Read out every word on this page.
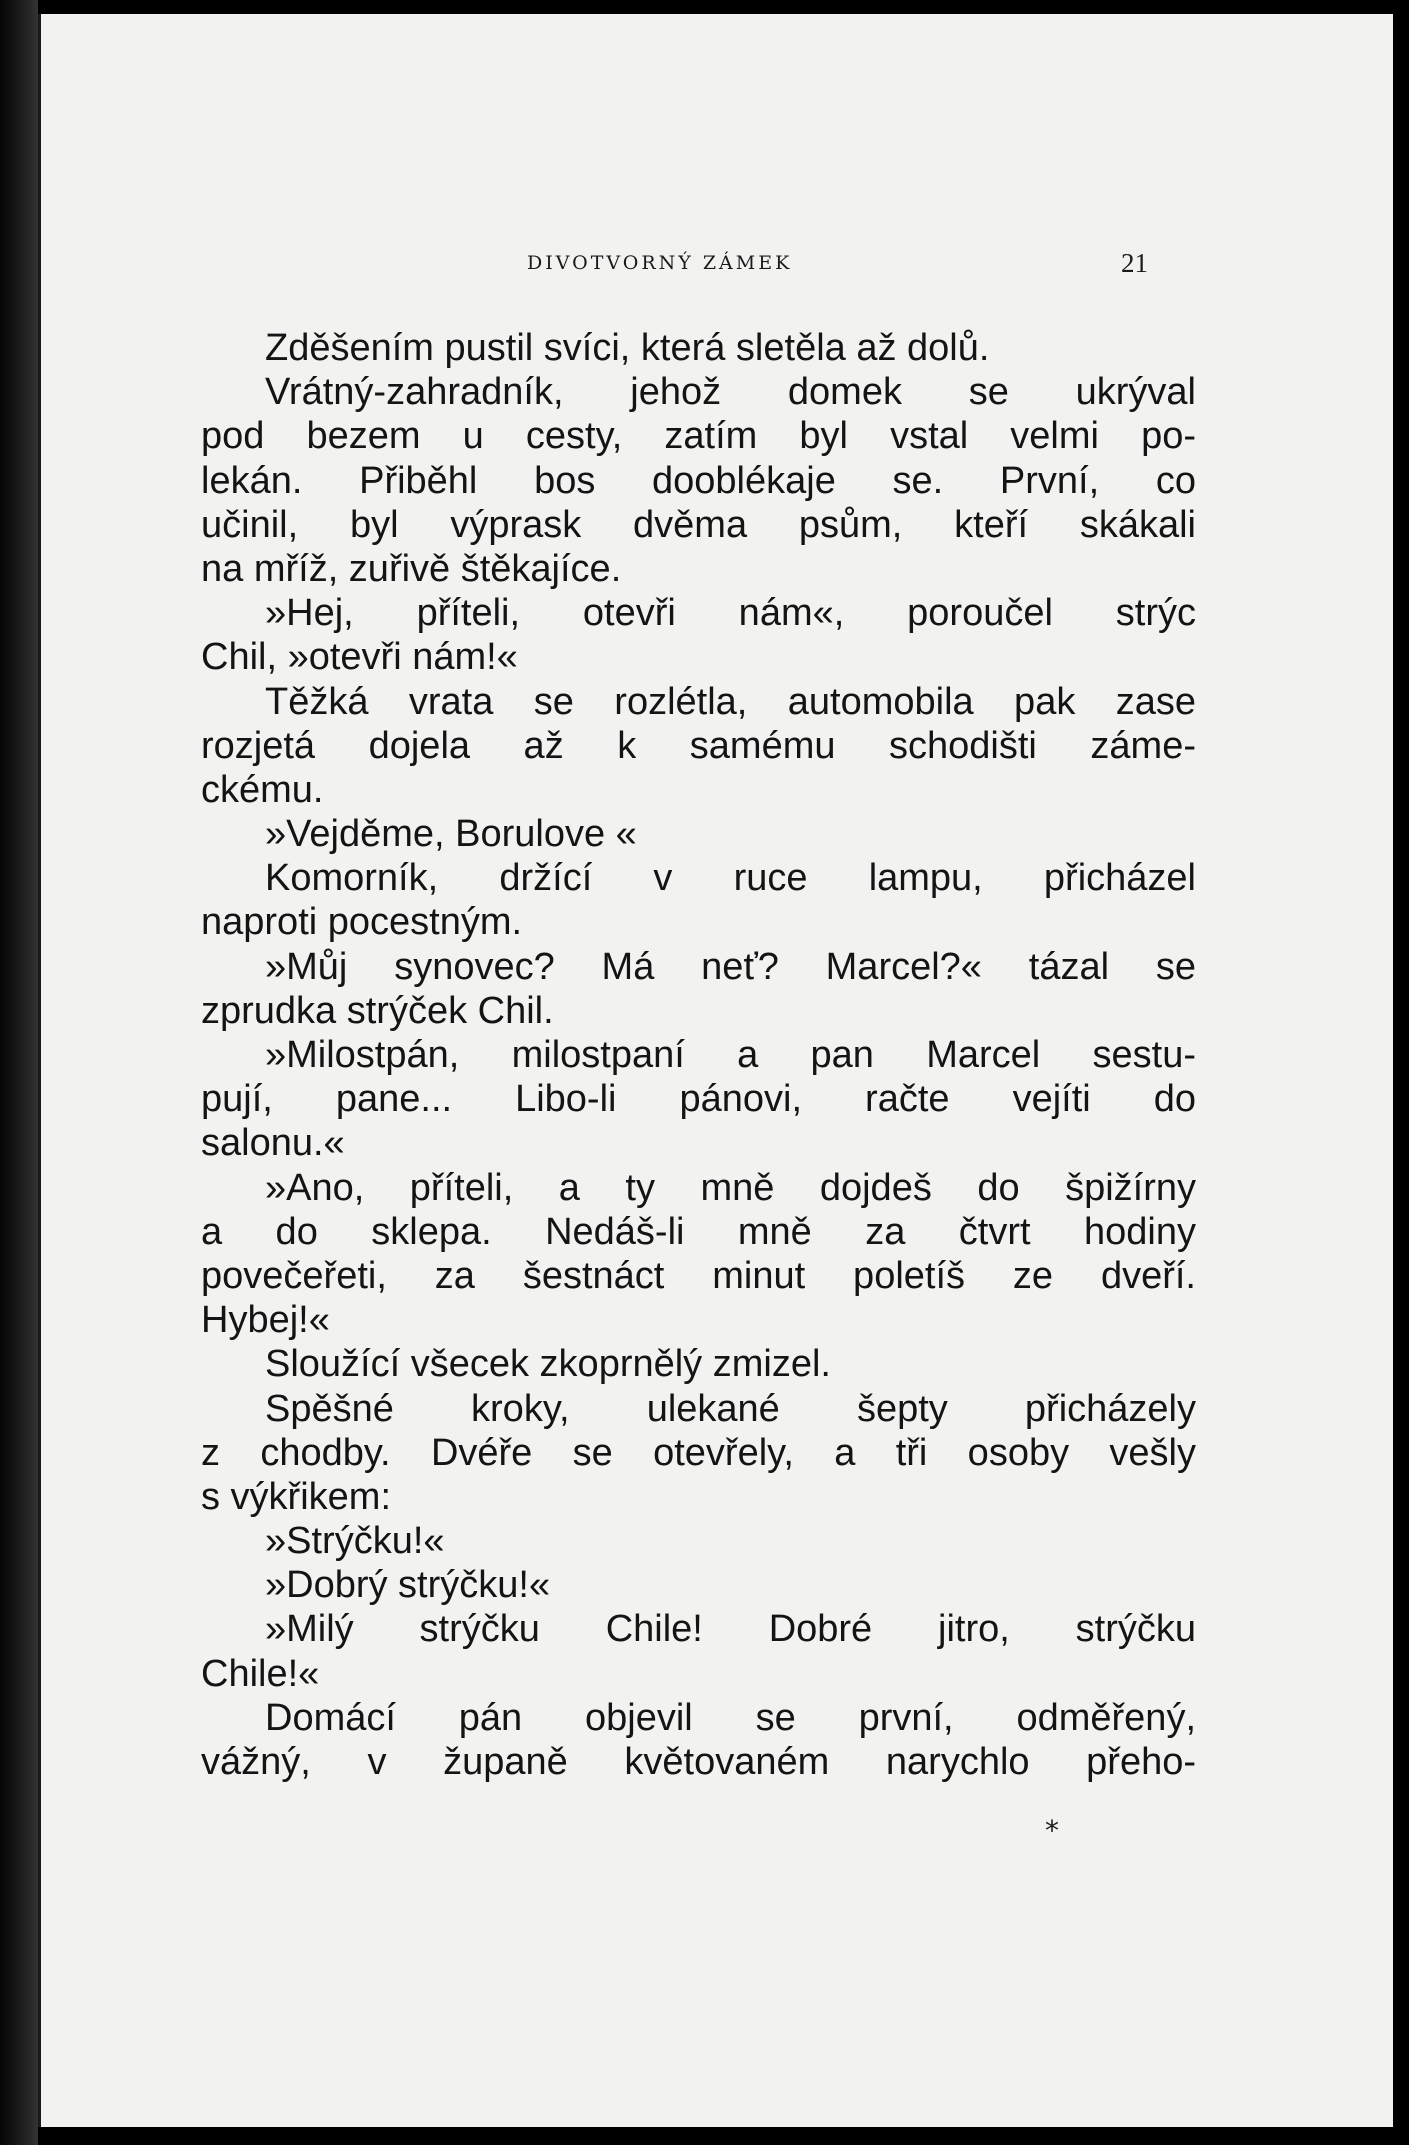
DIVOTVORNÝ ZÁMEK	21
Zděšením pustil svíci, která sletěla až dolů.
Vrátný-zahradník, jehož domek se ukrýval
pod bezem u cesty, zatím byl vstal velmi po-
lekán. Přiběhl bos dooblékaje se. První, co
učinil, byl výprask dvěma psům, kteří skákali
na mříž, zuřivě štěkajíce.
»Hej, příteli, otevři nám«, poroučel strýc
Chil, »otevři nám!«
Těžká vrata se rozlétla, automobila pak zase
rozjetá dojela až k samému schodišti záme-
ckému.
»Vejděme, Borulove «
Komorník, držící v ruce lampu, přicházel
naproti pocestným.
»Můj synovec? Má neť? Marcel?« tázal se
zprudka strýček Chil.
»Milostpán, milostpaní a pan Marcel sestu-
pují, pane... Libo-li pánovi, račte vejíti do
salonu.«
»Ano, příteli, a ty mně dojdeš do špižírny
a do sklepa. Nedáš-li mně za čtvrt hodiny
povečeřeti, za šestnáct minut poletíš ze dveří.
Hybej!«
Sloužící všecek zkoprnělý zmizel.
Spěšné kroky, ulekané šepty přicházely
z chodby. Dvéře se otevřely, a tři osoby vešly
s výkřikem:
»Strýčku!«
»Dobrý strýčku!«
»Milý strýčku Chile! Dobré jitro, strýčku
Chile!«
Domácí pán objevil se první, odměřený,
vážný, v županě květovaném narychlo přeho-
*
